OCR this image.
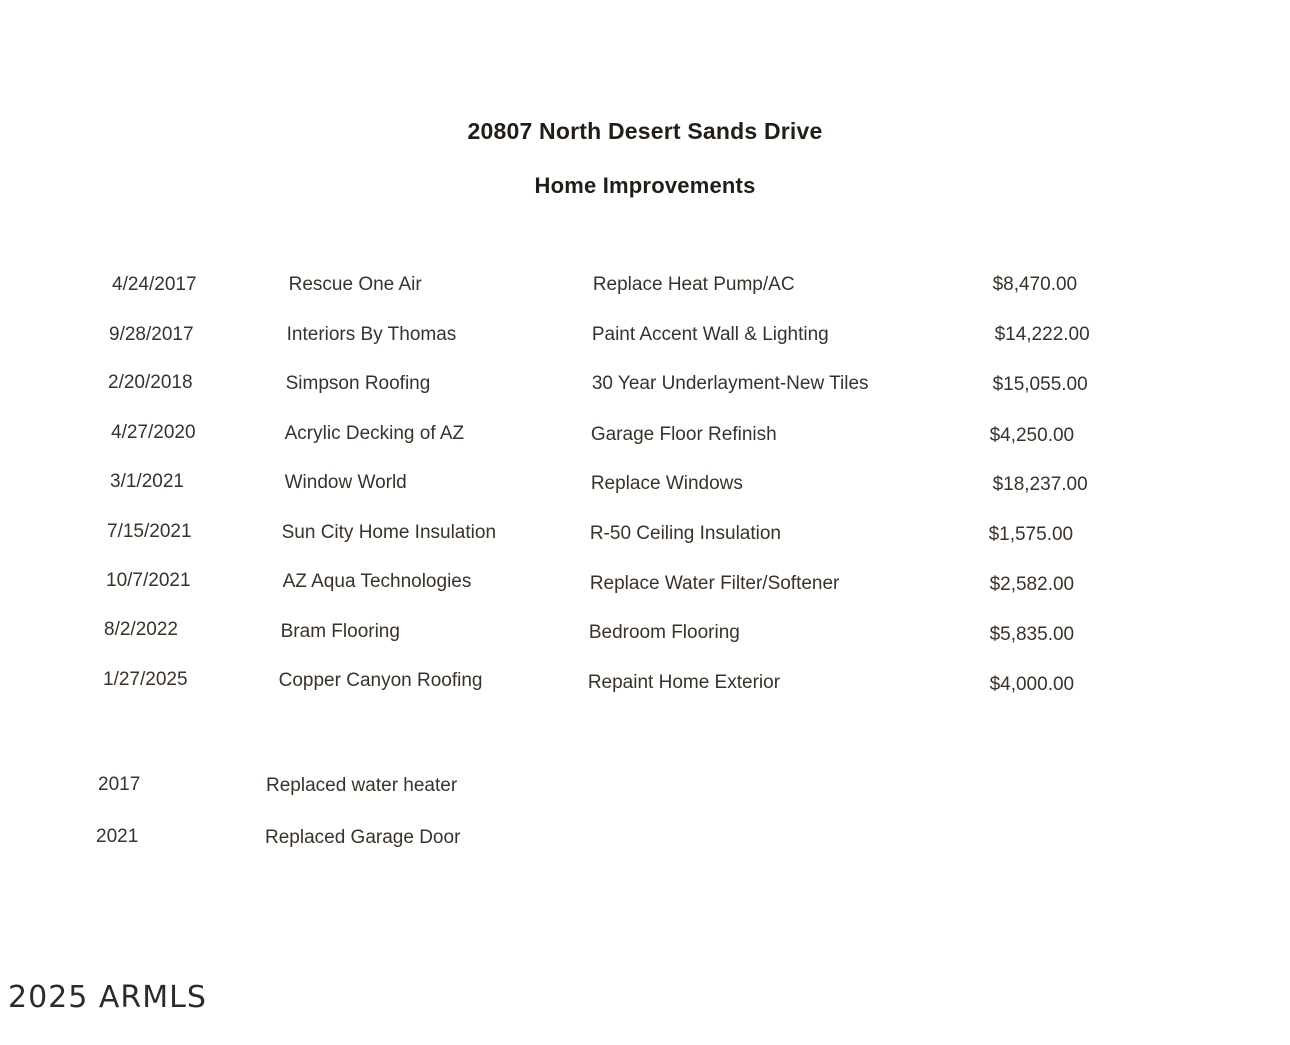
20807 North Desert Sands Drive
Home Improvements
4/24/2017	Rescue One Air	Replace Heat Pump/AC	$8,470.00
9/28/2017	Interiors By Thomas	Paint Accent Wall & Lighting	$14,222.00
2/20/2018	Simpson Roofing	30 Year Underlayment-New Tiles	$15,055.00
4/27/2020	Acrylic Decking of AZ	Garage Floor Refinish	$4,250.00
3/1/2021	Window World	Replace Windows	$18,237.00
7/15/2021	Sun City Home Insulation	R-50 Ceiling Insulation	$1,575.00
10/7/2021	AZ Aqua Technologies	Replace Water Filter/Softener	$2,582.00
8/2/2022	Bram Flooring	Bedroom Flooring	$5,835.00
1/27/2025	Copper Canyon Roofing	Repaint Home Exterior	$4,000.00
2017	Replaced water heater
2021	Replaced Garage Door
2025 ARMLS
